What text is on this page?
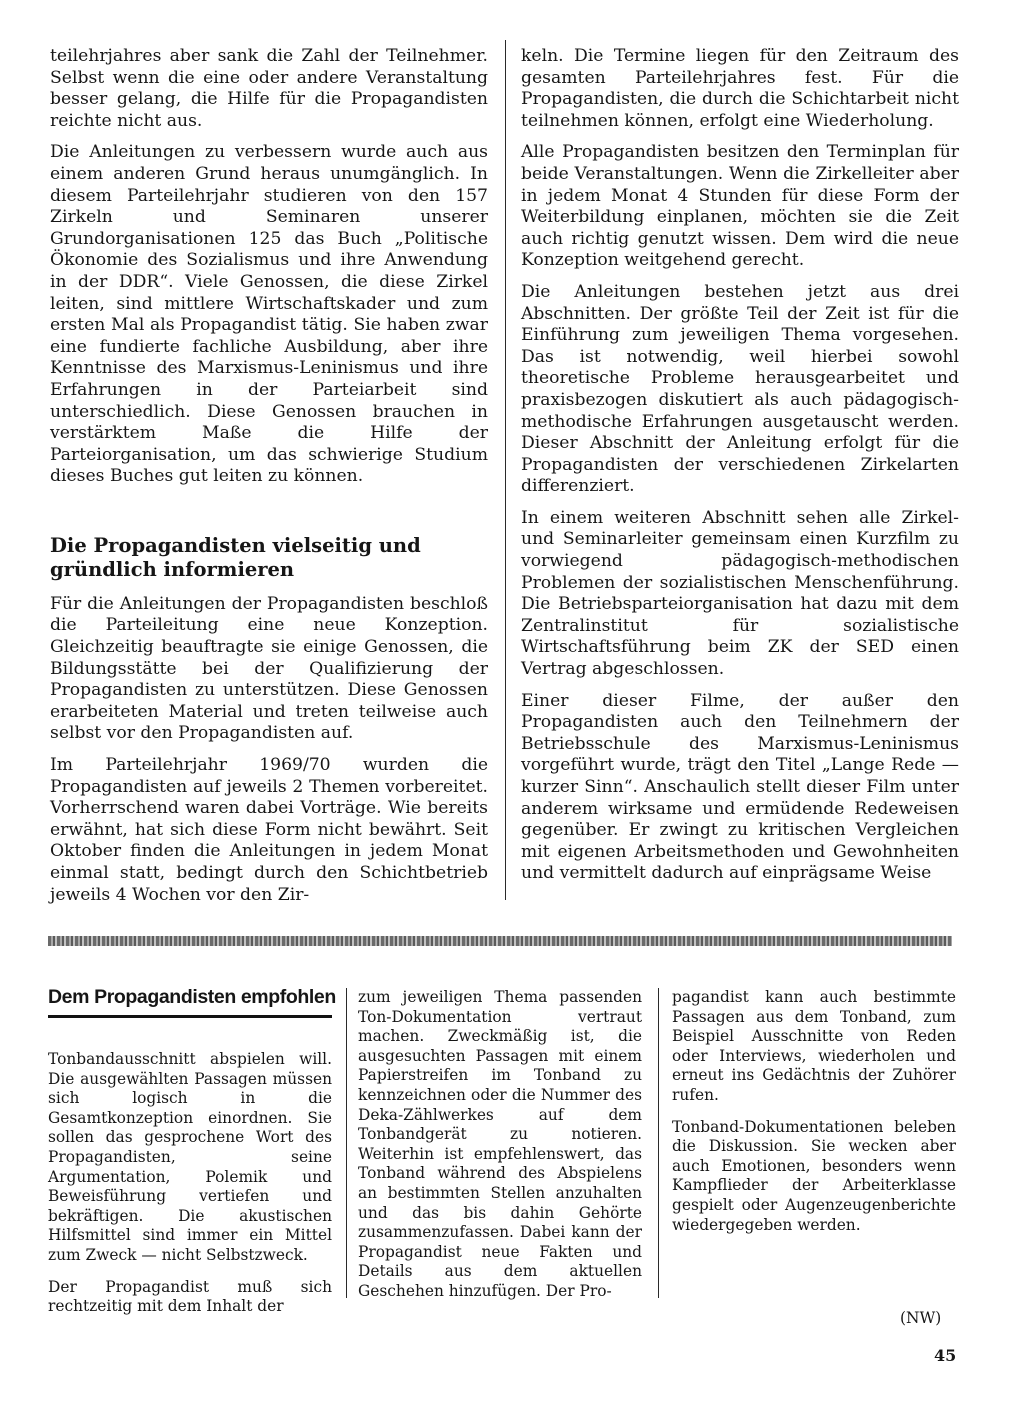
teilehrjahres aber sank die Zahl der Teilnehmer. Selbst wenn die eine oder andere Veranstaltung besser gelang, die Hilfe für die Propagandisten reichte nicht aus.

Die Anleitungen zu verbessern wurde auch aus einem anderen Grund heraus unumgänglich. In diesem Parteilehrjahr studieren von den 157 Zirkeln und Seminaren unserer Grundorganisationen 125 das Buch „Politische Ökonomie des Sozialismus und ihre Anwendung in der DDR“. Viele Genossen, die diese Zirkel leiten, sind mittlere Wirtschaftskader und zum ersten Mal als Propagandist tätig. Sie haben zwar eine fundierte fachliche Ausbildung, aber ihre Kenntnisse des Marxismus-Leninismus und ihre Erfahrungen in der Parteiarbeit sind unterschiedlich. Diese Genossen brauchen in verstärktem Maße die Hilfe der Parteiorganisation, um das schwierige Studium dieses Buches gut leiten zu können.

Die Propagandisten vielseitig und gründlich informieren

Für die Anleitungen der Propagandisten beschloß die Parteileitung eine neue Konzeption. Gleichzeitig beauftragte sie einige Genossen, die Bildungsstätte bei der Qualifizierung der Propagandisten zu unterstützen. Diese Genossen erarbeiteten Material und treten teilweise auch selbst vor den Propagandisten auf.

Im Parteilehrjahr 1969/70 wurden die Propagandisten auf jeweils 2 Themen vorbereitet. Vorherrschend waren dabei Vorträge. Wie bereits erwähnt, hat sich diese Form nicht bewährt. Seit Oktober finden die Anleitungen in jedem Monat einmal statt, bedingt durch den Schichtbetrieb jeweils 4 Wochen vor den Zir-

keln. Die Termine liegen für den Zeitraum des gesamten Parteilehrjahres fest. Für die Propagandisten, die durch die Schichtarbeit nicht teilnehmen können, erfolgt eine Wiederholung.

Alle Propagandisten besitzen den Terminplan für beide Veranstaltungen. Wenn die Zirkelleiter aber in jedem Monat 4 Stunden für diese Form der Weiterbildung einplanen, möchten sie die Zeit auch richtig genutzt wissen. Dem wird die neue Konzeption weitgehend gerecht.

Die Anleitungen bestehen jetzt aus drei Abschnitten. Der größte Teil der Zeit ist für die Einführung zum jeweiligen Thema vorgesehen. Das ist notwendig, weil hierbei sowohl theoretische Probleme herausgearbeitet und praxisbezogen diskutiert als auch pädagogisch-methodische Erfahrungen ausgetauscht werden. Dieser Abschnitt der Anleitung erfolgt für die Propagandisten der verschiedenen Zirkelarten differenziert.

In einem weiteren Abschnitt sehen alle Zirkel- und Seminarleiter gemeinsam einen Kurzfilm zu vorwiegend pädagogisch-methodischen Problemen der sozialistischen Menschenführung. Die Betriebsparteiorganisation hat dazu mit dem Zentralinstitut für sozialistische Wirtschaftsführung beim ZK der SED einen Vertrag abgeschlossen.

Einer dieser Filme, der außer den Propagandisten auch den Teilnehmern der Betriebsschule des Marxismus-Leninismus vorgeführt wurde, trägt den Titel „Lange Rede — kurzer Sinn“. Anschaulich stellt dieser Film unter anderem wirksame und ermüdende Redeweisen gegenüber. Er zwingt zu kritischen Vergleichen mit eigenen Arbeitsmethoden und Gewohnheiten und vermittelt dadurch auf einprägsame Weise

Dem Propagandisten empfohlen

Tonbandausschnitt abspielen will. Die ausgewählten Passagen müssen sich logisch in die Gesamtkonzeption einordnen. Sie sollen das gesprochene Wort des Propagandisten, seine Argumentation, Polemik und Beweisführung vertiefen und bekräftigen. Die akustischen Hilfsmittel sind immer ein Mittel zum Zweck — nicht Selbstzweck.

Der Propagandist muß sich rechtzeitig mit dem Inhalt der

zum jeweiligen Thema passenden Ton-Dokumentation vertraut machen. Zweckmäßig ist, die ausgesuchten Passagen mit einem Papierstreifen im Tonband zu kennzeichnen oder die Nummer des Deka-Zählwerkes auf dem Tonbandgerät zu notieren. Weiterhin ist empfehlenswert, das Tonband während des Abspielens an bestimmten Stellen anzuhalten und das bis dahin Gehörte zusammenzufassen. Dabei kann der Propagandist neue Fakten und Details aus dem aktuellen Geschehen hinzufügen. Der Pro-

pagandist kann auch bestimmte Passagen aus dem Tonband, zum Beispiel Ausschnitte von Reden oder Interviews, wiederholen und erneut ins Gedächtnis der Zuhörer rufen.

Tonband-Dokumentationen beleben die Diskussion. Sie wecken aber auch Emotionen, besonders wenn Kampflieder der Arbeiterklasse gespielt oder Augenzeugenberichte wiedergegeben werden.

(NW)
45
